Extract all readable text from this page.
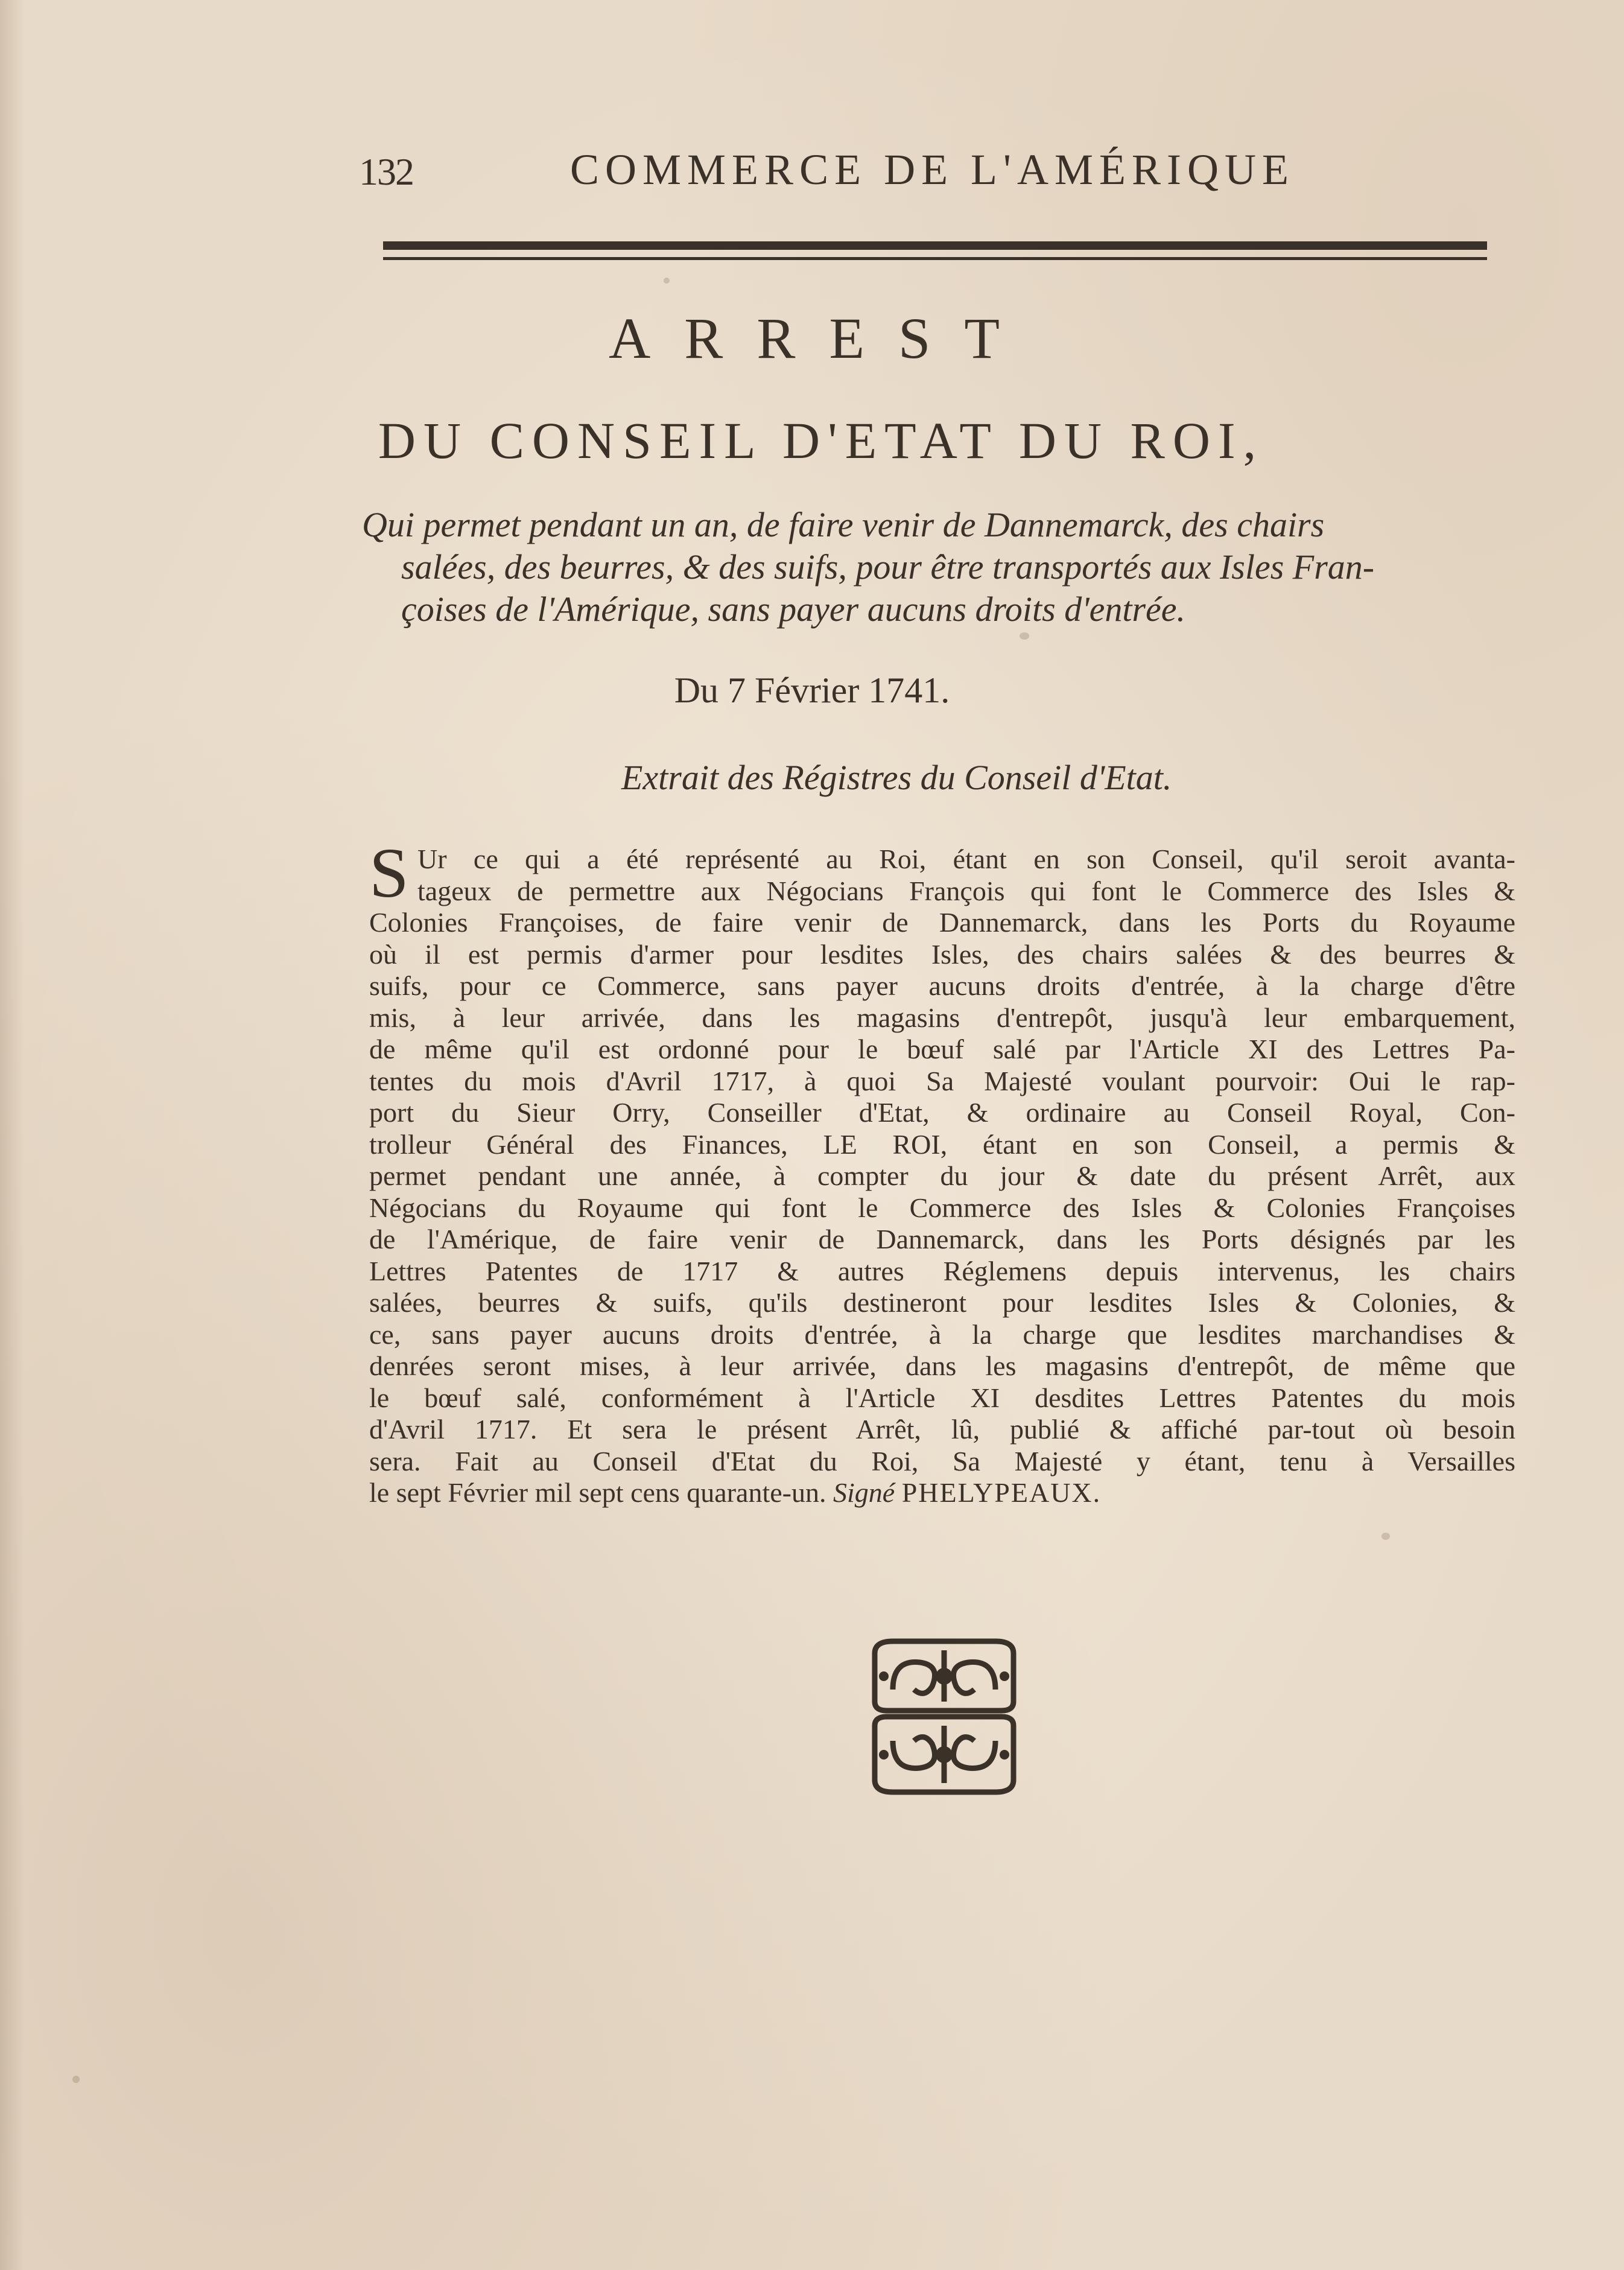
132	COMMERCE DE L'AMÉRIQUE
ARREST
DU CONSEIL D'ETAT DU ROI,
Qui permet pendant un an, de faire venir de Dannemarck, des chairs
salées, des beurres, & des suifs, pour être transportés aux Isles Fran-
çoises de l'Amérique, sans payer aucuns droits d'entrée.
Du 7 Février 1741.
Extrait des Régistres du Conseil d'Etat.
S Ur ce qui a été représenté au Roi, étant en son Conseil, qu'il seroit avanta-
tageux de permettre aux Négocians François qui font le Commerce des Isles &
Colonies Françoises, de faire venir de Dannemarck, dans les Ports du Royaume
où il est permis d'armer pour lesdites Isles, des chairs salées & des beurres &
suifs, pour ce Commerce, sans payer aucuns droits d'entrée, à la charge d'être
mis, à leur arrivée, dans les magasins d'entrepôt, jusqu'à leur embarquement,
de même qu'il est ordonné pour le bœuf salé par l'Article XI des Lettres Pa-
tentes du mois d'Avril 1717, à quoi Sa Majesté voulant pourvoir: Oui le rap-
port du Sieur Orry, Conseiller d'Etat, & ordinaire au Conseil Royal, Con-
trolleur Général des Finances, LE ROI, étant en son Conseil, a permis &
permet pendant une année, à compter du jour & date du présent Arrêt, aux
Négocians du Royaume qui font le Commerce des Isles & Colonies Françoises
de l'Amérique, de faire venir de Dannemarck, dans les Ports désignés par les
Lettres Patentes de 1717 & autres Réglemens depuis intervenus, les chairs
salées, beurres & suifs, qu'ils destineront pour lesdites Isles & Colonies, &
ce, sans payer aucuns droits d'entrée, à la charge que lesdites marchandises &
denrées seront mises, à leur arrivée, dans les magasins d'entrepôt, de même que
le bœuf salé, conformément à l'Article XI desdites Lettres Patentes du mois
d'Avril 1717. Et sera le présent Arrêt, lû, publié & affiché par-tout où besoin
sera. Fait au Conseil d'Etat du Roi, Sa Majesté y étant, tenu à Versailles
le sept Février mil sept cens quarante-un. Signé PHELYPEAUX.
